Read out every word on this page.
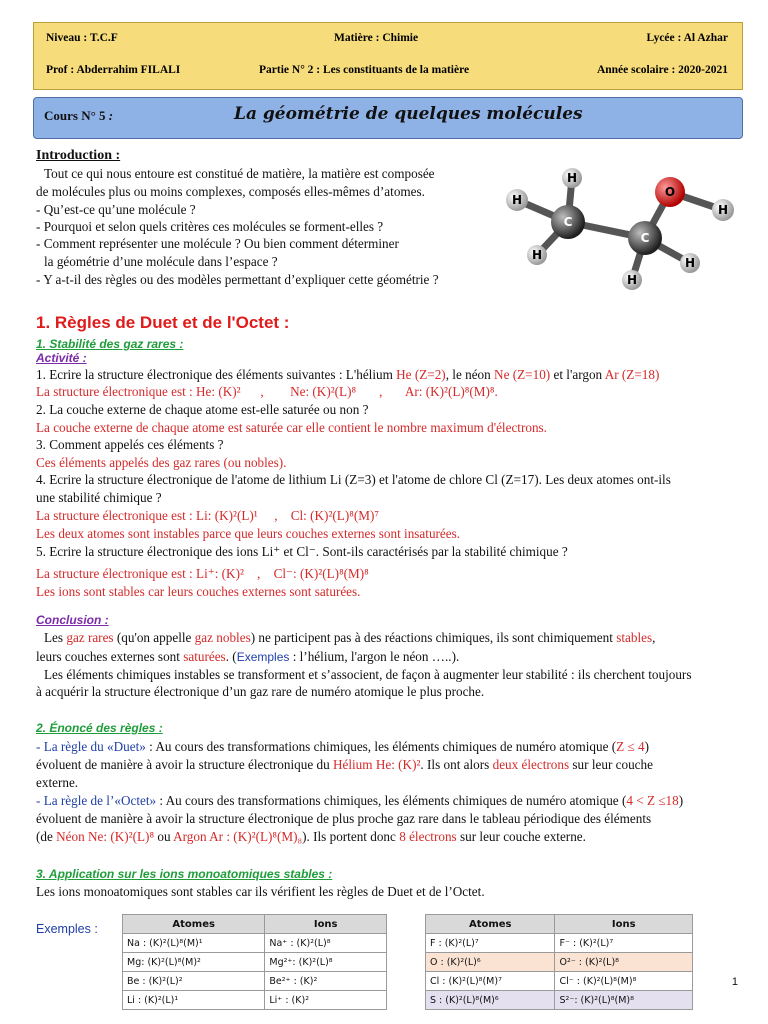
Niveau : T.C.F	Matière : Chimie	Lycée : Al Azhar
Prof : Abderrahim FILALI	Partie N° 2 : Les constituants de la matière	Année scolaire : 2020-2021
Cours N° 5 :	La géométrie de quelques molécules
Introduction :
Tout ce qui nous entoure est constitué de matière, la matière est composée
de molécules plus ou moins complexes, composés elles-mêmes d’atomes.
- Qu’est-ce qu’une molécule ?
- Pourquoi et selon quels critères ces molécules se forment-elles ?
- Comment représenter une molécule ? Ou bien comment déterminer
la géométrie d’une molécule dans l’espace ?
- Y a-t-il des règles ou des modèles permettant d’expliquer cette géométrie ?
H
H
H
C
C
O
H
H
H
1. Règles de Duet et de l'Octet :
1. Stabilité des gaz rares :
Activité :
1. Ecrire la structure électronique des éléments suivantes : L'hélium He (Z=2), le néon Ne (Z=10) et l'argon Ar (Z=18)
La structure électronique est : He: (K)²      ,        Ne: (K)²(L)⁸       ,       Ar: (K)²(L)⁸(M)⁸.
2. La couche externe de chaque atome est-elle saturée ou non ?
La couche externe de chaque atome est saturée car elle contient le nombre maximum d'électrons.
3. Comment appelés ces éléments ?
Ces éléments appelés des gaz rares (ou nobles).
4. Ecrire la structure électronique de l'atome de lithium Li (Z=3) et l'atome de chlore Cl (Z=17). Les deux atomes ont-ils
une stabilité chimique ?
La structure électronique est : Li: (K)²(L)¹     ,    Cl: (K)²(L)⁸(M)⁷
Les deux atomes sont instables parce que leurs couches externes sont insaturées.
5. Ecrire la structure électronique des ions Li⁺ et Cl⁻. Sont-ils caractérisés par la stabilité chimique ?
La structure électronique est : Li⁺: (K)²    ,    Cl⁻: (K)²(L)⁸(M)⁸
Les ions sont stables car leurs couches externes sont saturées.
Conclusion :
Les gaz rares (qu'on appelle gaz nobles) ne participent pas à des réactions chimiques, ils sont chimiquement stables,
leurs couches externes sont saturées. (Exemples : l’hélium, l'argon le néon …..).
Les éléments chimiques instables se transforment et s’associent, de façon à augmenter leur stabilité : ils cherchent toujours
à acquérir la structure électronique d’un gaz rare de numéro atomique le plus proche.
2. Énoncé des règles :
- La règle du «Duet» : Au cours des transformations chimiques, les éléments chimiques de numéro atomique (Z ≤ 4)
évoluent de manière à avoir la structure électronique du Hélium He: (K)². Ils ont alors deux électrons sur leur couche
externe.
- La règle de l’«Octet» : Au cours des transformations chimiques, les éléments chimiques de numéro atomique (4 < Z ≤18)
évoluent de manière à avoir la structure électronique de plus proche gaz rare dans le tableau périodique des éléments
(de Néon Ne: (K)²(L)⁸ ou Argon Ar : (K)²(L)⁸(M)₈). Ils portent donc 8 électrons sur leur couche externe.
3. Application sur les ions monoatomiques stables :
Les ions monoatomiques sont stables car ils vérifient les règles de Duet et de l’Octet.
Exemples :	Atomes	Ions
Na : (K)²(L)⁸(M)¹	Na⁺ : (K)²(L)⁸
Mg: (K)²(L)⁸(M)²	Mg²⁺: (K)²(L)⁸
Be : (K)²(L)²	Be²⁺ : (K)²
Li : (K)²(L)¹	Li⁺ : (K)²
Atomes	Ions
F : (K)²(L)⁷	F⁻ : (K)²(L)⁷
O : (K)²(L)⁶	O²⁻ : (K)²(L)⁸
Cl : (K)²(L)⁸(M)⁷	Cl⁻ : (K)²(L)⁸(M)⁸
S : (K)²(L)⁸(M)⁶	S²⁻: (K)²(L)⁸(M)⁸
1
